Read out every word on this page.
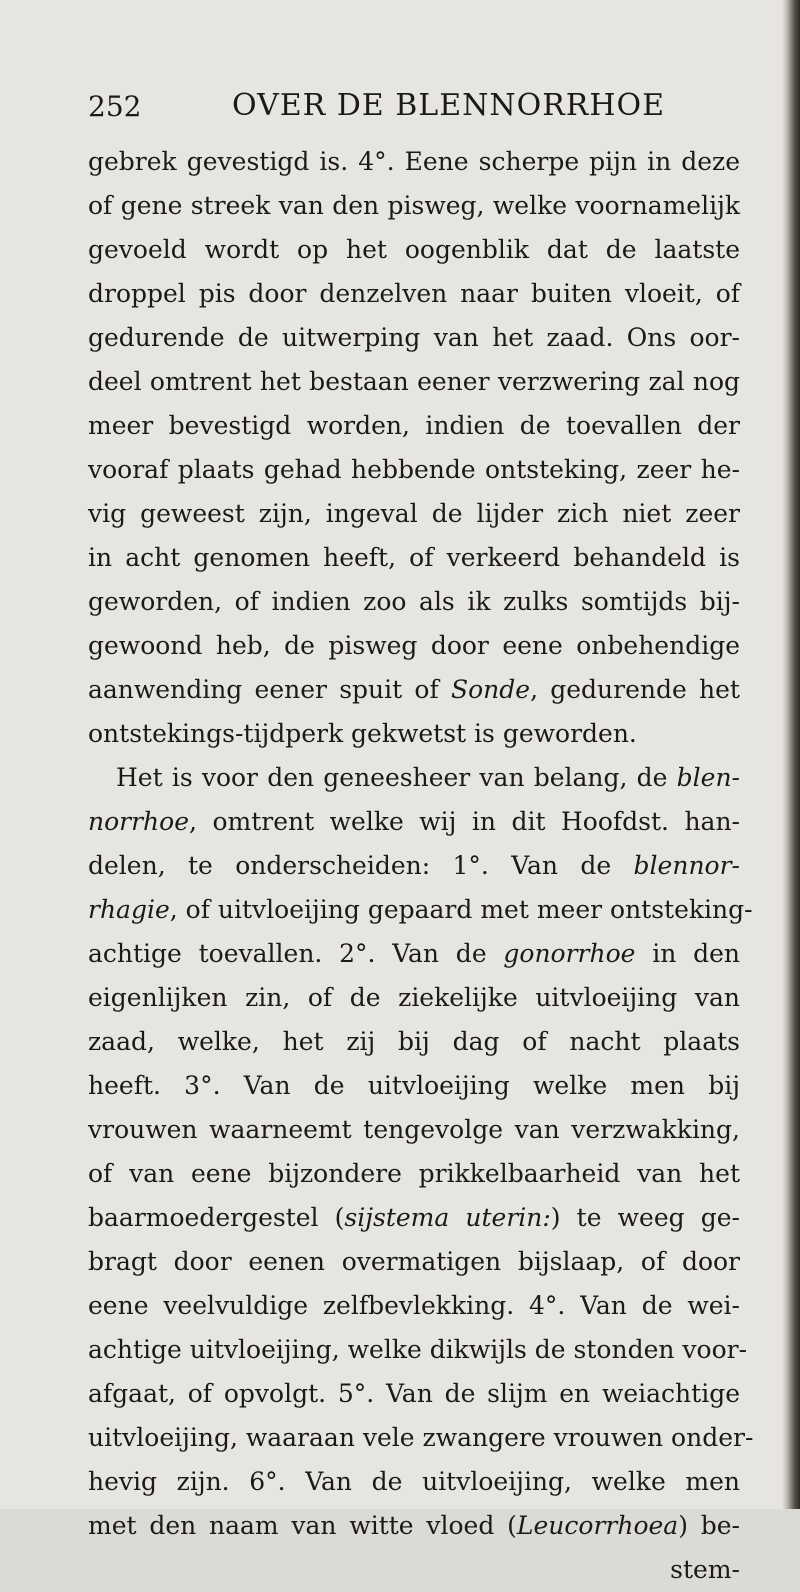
252	OVER DE BLENNORRHOE
gebrek gevestigd is. 4°. Eene scherpe pijn in deze
of gene streek van den pisweg, welke voornamelijk
gevoeld wordt op het oogenblik dat de laatste
droppel pis door denzelven naar buiten vloeit, of
gedurende de uitwerping van het zaad. Ons oor-
deel omtrent het bestaan eener verzwering zal nog
meer bevestigd worden, indien de toevallen der
vooraf plaats gehad hebbende ontsteking, zeer he-
vig geweest zijn, ingeval de lijder zich niet zeer
in acht genomen heeft, of verkeerd behandeld is
geworden, of indien zoo als ik zulks somtijds bij-
gewoond heb, de pisweg door eene onbehendige
aanwending eener spuit of Sonde, gedurende het
ontstekings-tijdperk gekwetst is geworden.
Het is voor den geneesheer van belang, de blen-
norrhoe, omtrent welke wij in dit Hoofdst. han-
delen, te onderscheiden: 1°. Van de blennor-
rhagie, of uitvloeijing gepaard met meer ontsteking-
achtige toevallen. 2°. Van de gonorrhoe in den
eigenlijken zin, of de ziekelijke uitvloeijing van
zaad, welke, het zij bij dag of nacht plaats
heeft. 3°. Van de uitvloeijing welke men bij
vrouwen waarneemt tengevolge van verzwakking,
of van eene bijzondere prikkelbaarheid van het
baarmoedergestel (sijstema uterin:) te weeg ge-
bragt door eenen overmatigen bijslaap, of door
eene veelvuldige zelfbevlekking. 4°. Van de wei-
achtige uitvloeijing, welke dikwijls de stonden voor-
afgaat, of opvolgt. 5°. Van de slijm en weiachtige
uitvloeijing, waaraan vele zwangere vrouwen onder-
hevig zijn. 6°. Van de uitvloeijing, welke men
met den naam van witte vloed (Leucorrhoea) be-
stem-
